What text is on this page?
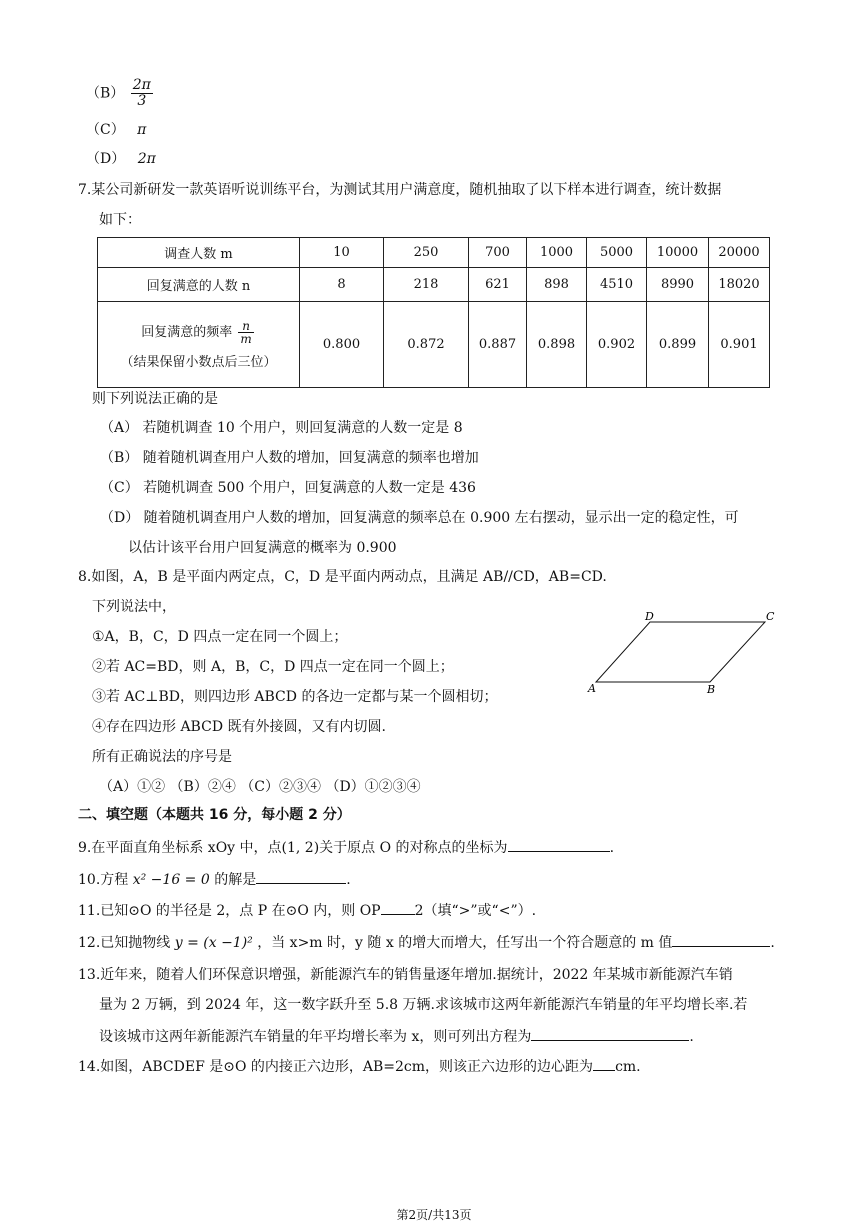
$(B) \frac{2\pi}{3}$
（C） π
（D） 2π
7.某公司新研发一款英语听说训练平台，为测试其用户满意度，随机抽取了以下样本进行调查，统计数据
如下：
调查人数 m	10	250	700	1000	5000	10000	20000
回复满意的人数 n	8	218	621	898	4510	8990	18020

回复满意的频率 $\frac{n}{m}$
（结果保留小数点后三位）	0.800	0.872	0.887	0.898	0.902	0.899	0.901
则下列说法正确的是
（A） 若随机调查 10 个用户，则回复满意的人数一定是 8
（B） 随着随机调查用户人数的增加，回复满意的频率也增加
（C） 若随机调查 500 个用户，回复满意的人数一定是 436
（D） 随着随机调查用户人数的增加，回复满意的频率总在 0.900 左右摆动，显示出一定的稳定性，可
以估计该平台用户回复满意的概率为 0.900
8.如图，A，B 是平面内两定点，C，D 是平面内两动点，且满足 AB//CD，AB=CD.
下列说法中，
①A，B，C，D 四点一定在同一个圆上；
②若 AC=BD，则 A，B，C，D 四点一定在同一个圆上；
③若 AC⊥BD，则四边形 ABCD 的各边一定都与某一个圆相切；
④存在四边形 ABCD 既有外接圆，又有内切圆.
所有正确说法的序号是
（A）①② （B）②④ （C）②③④ （D）①②③④
A	B
C
D
二、填空题（本题共 16 分，每小题 2 分）
9.在平面直角坐标系 xOy 中，点(1, 2)关于原点 O 的对称点的坐标为	.
10.方程 x² −16 = 0 的解是	.
11.已知⊙O 的半径是 2，点 P 在⊙O 内，则 OP 2（填“>”或“<”）.
12.已知抛物线 y = (x −1)² ，当 x>m 时，y 随 x 的增大而增大，任写出一个符合题意的 m 值	.
13.近年来，随着人们环保意识增强，新能源汽车的销售量逐年增加.据统计，2022 年某城市新能源汽车销
量为 2 万辆，到 2024 年，这一数字跃升至 5.8 万辆.求该城市这两年新能源汽车销量的年平均增长率.若
设该城市这两年新能源汽车销量的年平均增长率为 x，则可列出方程为	.
14.如图，ABCDEF 是⊙O 的内接正六边形，AB=2cm，则该正六边形的边心距为 cm.
第2页/共13页
